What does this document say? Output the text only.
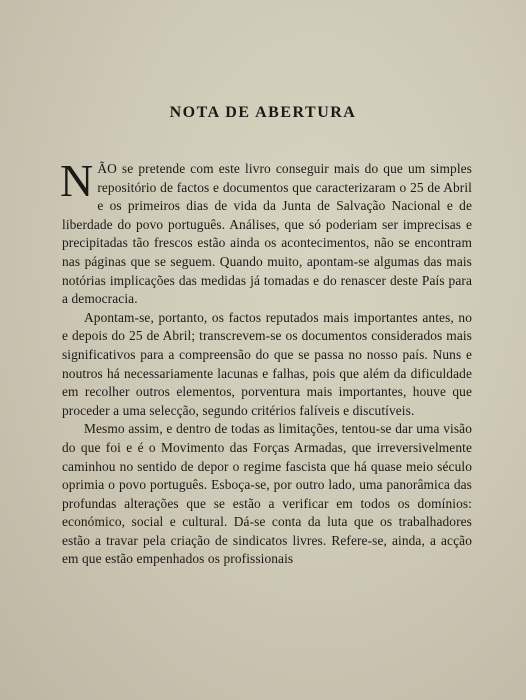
NOTA DE ABERTURA

N ÃO se pretende com este livro conseguir mais do que um simples repositório de factos e documentos que caracterizaram o 25 de Abril e os primeiros dias de vida da Junta de Salvação Nacional e de liberdade do povo português. Análises, que só poderiam ser imprecisas e precipitadas tão frescos estão ainda os acontecimentos, não se encontram nas páginas que se seguem. Quando muito, apontam-se algumas das mais notórias implicações das medidas já tomadas e do renascer deste País para a democracia.

Apontam-se, portanto, os factos reputados mais importantes antes, no e depois do 25 de Abril; transcrevem-se os documentos considerados mais significativos para a compreensão do que se passa no nosso país. Nuns e noutros há necessariamente lacunas e falhas, pois que além da dificuldade em recolher outros elementos, porventura mais importantes, houve que proceder a uma selecção, segundo critérios falíveis e discutíveis.

Mesmo assim, e dentro de todas as limitações, tentou-se dar uma visão do que foi e é o Movimento das Forças Armadas, que irreversivelmente caminhou no sentido de depor o regime fascista que há quase meio século oprimia o povo português. Esboça-se, por outro lado, uma panorâmica das profundas alterações que se estão a verificar em todos os domínios: económico, social e cultural. Dá-se conta da luta que os trabalhadores estão a travar pela criação de sindicatos livres. Refere-se, ainda, a acção em que estão empenhados os profissionais
